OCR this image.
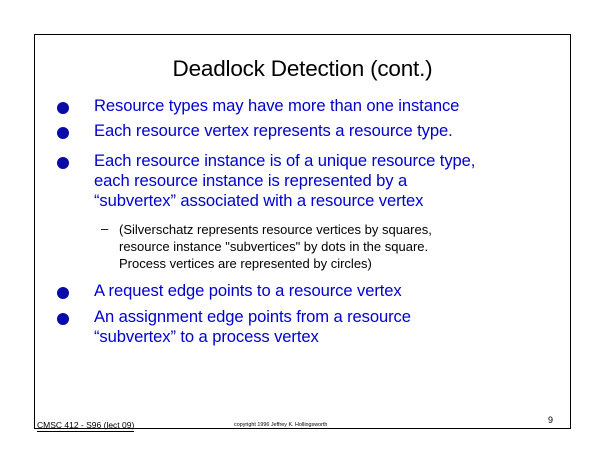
Deadlock Detection (cont.)
Resource types may have more than one instance
Each resource vertex represents a resource type.
Each resource instance is of a unique resource type,
each resource instance is represented by a
“subvertex” associated with a resource vertex
– (Silverschatz represents resource vertices by squares,
resource instance "subvertices" by dots in the square.
Process vertices are represented by circles)
A request edge points to a resource vertex
An assignment edge points from a resource
“subvertex” to a process vertex
CMSC 412 - S96 (lect 09)	copyright 1996 Jeffrey K. Hollingsworth	9
